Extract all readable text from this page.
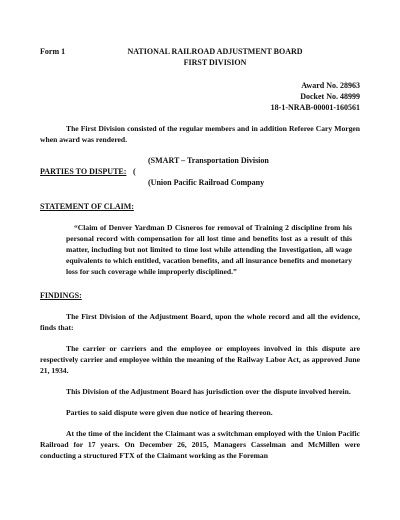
Form 1	NATIONAL RAILROAD ADJUSTMENT BOARD
FIRST DIVISION
Award No. 28963
Docket No. 48999
18-1-NRAB-00001-160561

The First Division consisted of the regular members and in addition Referee Cary Morgen when award was rendered.

(SMART – Transportation Division
PARTIES TO DISPUTE: (
(Union Pacific Railroad Company
STATEMENT OF CLAIM:

“Claim of Denver Yardman D Cisneros for removal of Training 2 discipline from his personal record with compensation for all lost time and benefits lost as a result of this matter, including but not limited to time lost while attending the Investigation, all wage equivalents to which entitled, vacation benefits, and all insurance benefits and monetary loss for such coverage while improperly disciplined.”

FINDINGS:

The First Division of the Adjustment Board, upon the whole record and all the evidence, finds that:

The carrier or carriers and the employee or employees involved in this dispute are respectively carrier and employee within the meaning of the Railway Labor Act, as approved June 21, 1934.

This Division of the Adjustment Board has jurisdiction over the dispute involved herein.

Parties to said dispute were given due notice of hearing thereon.

At the time of the incident the Claimant was a switchman employed with the Union Pacific Railroad for 17 years. On December 26, 2015, Managers Casselman and McMillen were conducting a structured FTX of the Claimant working as the Foreman
